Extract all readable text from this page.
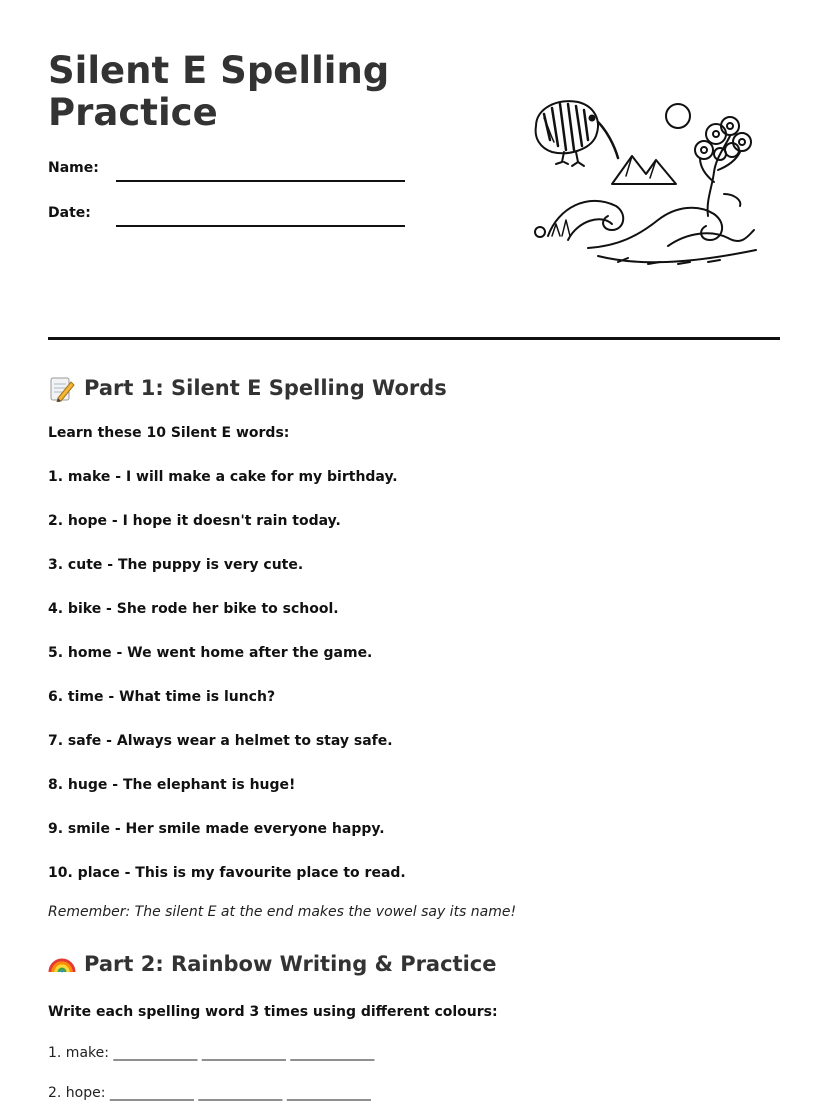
Silent E Spelling
Practice
Name:
Date:
Part 1: Silent E Spelling Words
Learn these 10 Silent E words:
1. make - I will make a cake for my birthday.
2. hope - I hope it doesn't rain today.
3. cute - The puppy is very cute.
4. bike - She rode her bike to school.
5. home - We went home after the game.
6. time - What time is lunch?
7. safe - Always wear a helmet to stay safe.
8. huge - The elephant is huge!
9. smile - Her smile made everyone happy.
10. place - This is my favourite place to read.
Remember: The silent E at the end makes the vowel say its name!
Part 2: Rainbow Writing & Practice
Write each spelling word 3 times using different colours:
1. make: ____________ ____________ ____________
2. hope: ____________ ____________ ____________
